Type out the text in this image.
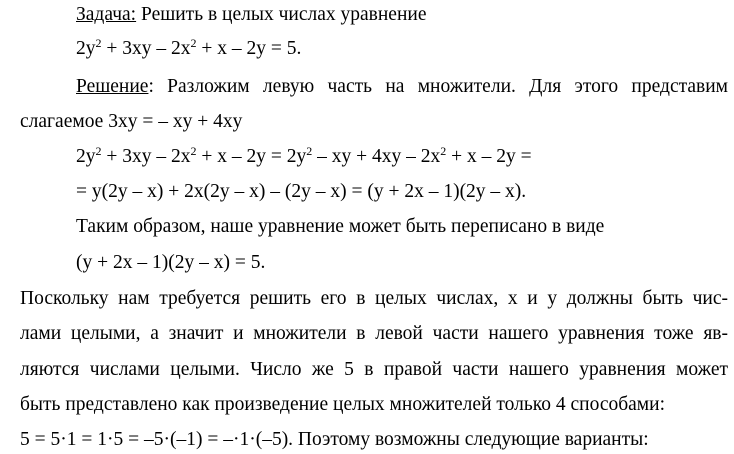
Задача: Решить в целых числах уравнение
$2y^2 + 3xy - 2x^2 + x - 2y = 5$.
Решение: Разложим левую часть на множители. Для этого представим
слагаемое 3xy = – xy + 4xy
$2y^2 + 3xy - 2x^2 + x - 2y = 2y^2$ – xy + $4xy - 2x^2 + x - 2y$ =
= y(2y – x) + 2x(2y – x) – (2y – x) = (y + 2x – 1)(2y – x).
Таким образом, наше уравнение может быть переписано в виде
(y + 2x – 1)(2y – x) = 5.
Поскольку нам требуется решить его в целых числах, x и y должны быть чис-
лами целыми, а значит и множители в левой части нашего уравнения тоже яв-
ляются числами целыми. Число же 5 в правой части нашего уравнения может
быть представлено как произведение целых множителей только 4 способами:
5 = 5·1 = 1·5 = –5·(–1) = –·1·(–5). Поэтому возможны следующие варианты:
